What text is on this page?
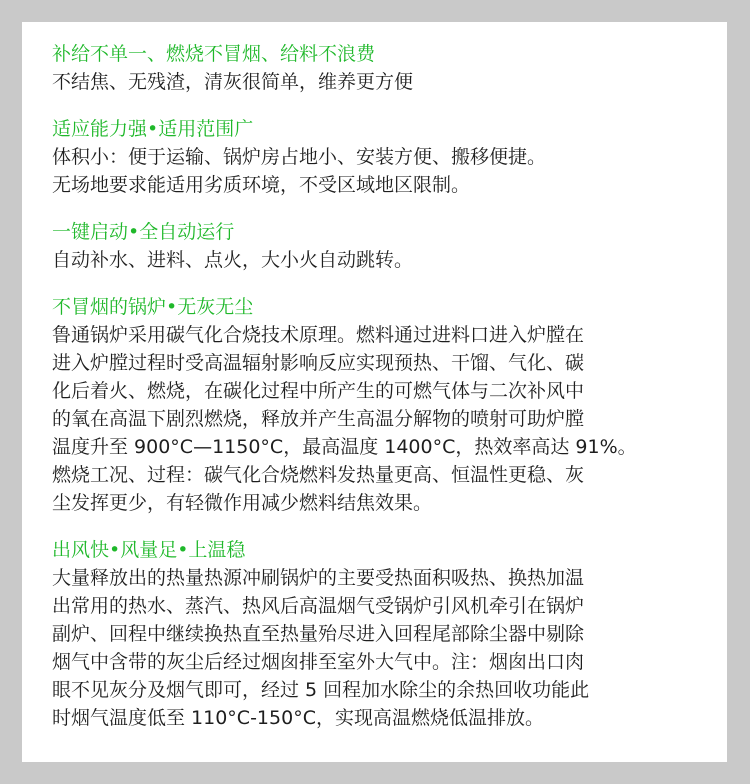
补给不单一、燃烧不冒烟、给料不浪费
不结焦、无残渣，清灰很简单，维养更方便
适应能力强•适用范围广
体积小：便于运输、锅炉房占地小、安装方便、搬移便捷。
无场地要求能适用劣质环境，不受区域地区限制。
一键启动•全自动运行
自动补水、进料、点火，大小火自动跳转。
不冒烟的锅炉•无灰无尘
鲁通锅炉采用碳气化合烧技术原理。燃料通过进料口进入炉膛在
进入炉膛过程时受高温辐射影响反应实现预热、干馏、气化、碳
化后着火、燃烧，在碳化过程中所产生的可燃气体与二次补风中
的氧在高温下剧烈燃烧，释放并产生高温分解物的喷射可助炉膛
温度升至 900°C—1150°C，最高温度 1400°C，热效率高达 91%。
燃烧工况、过程：碳气化合烧燃料发热量更高、恒温性更稳、灰
尘发挥更少，有轻微作用减少燃料结焦效果。
出风快•风量足•上温稳
大量释放出的热量热源冲刷锅炉的主要受热面积吸热、换热加温
出常用的热水、蒸汽、热风后高温烟气受锅炉引风机牵引在锅炉
副炉、回程中继续换热直至热量殆尽进入回程尾部除尘器中剔除
烟气中含带的灰尘后经过烟囱排至室外大气中。注：烟囱出口肉
眼不见灰分及烟气即可，经过 5 回程加水除尘的余热回收功能此
时烟气温度低至 110°C-150°C，实现高温燃烧低温排放。
